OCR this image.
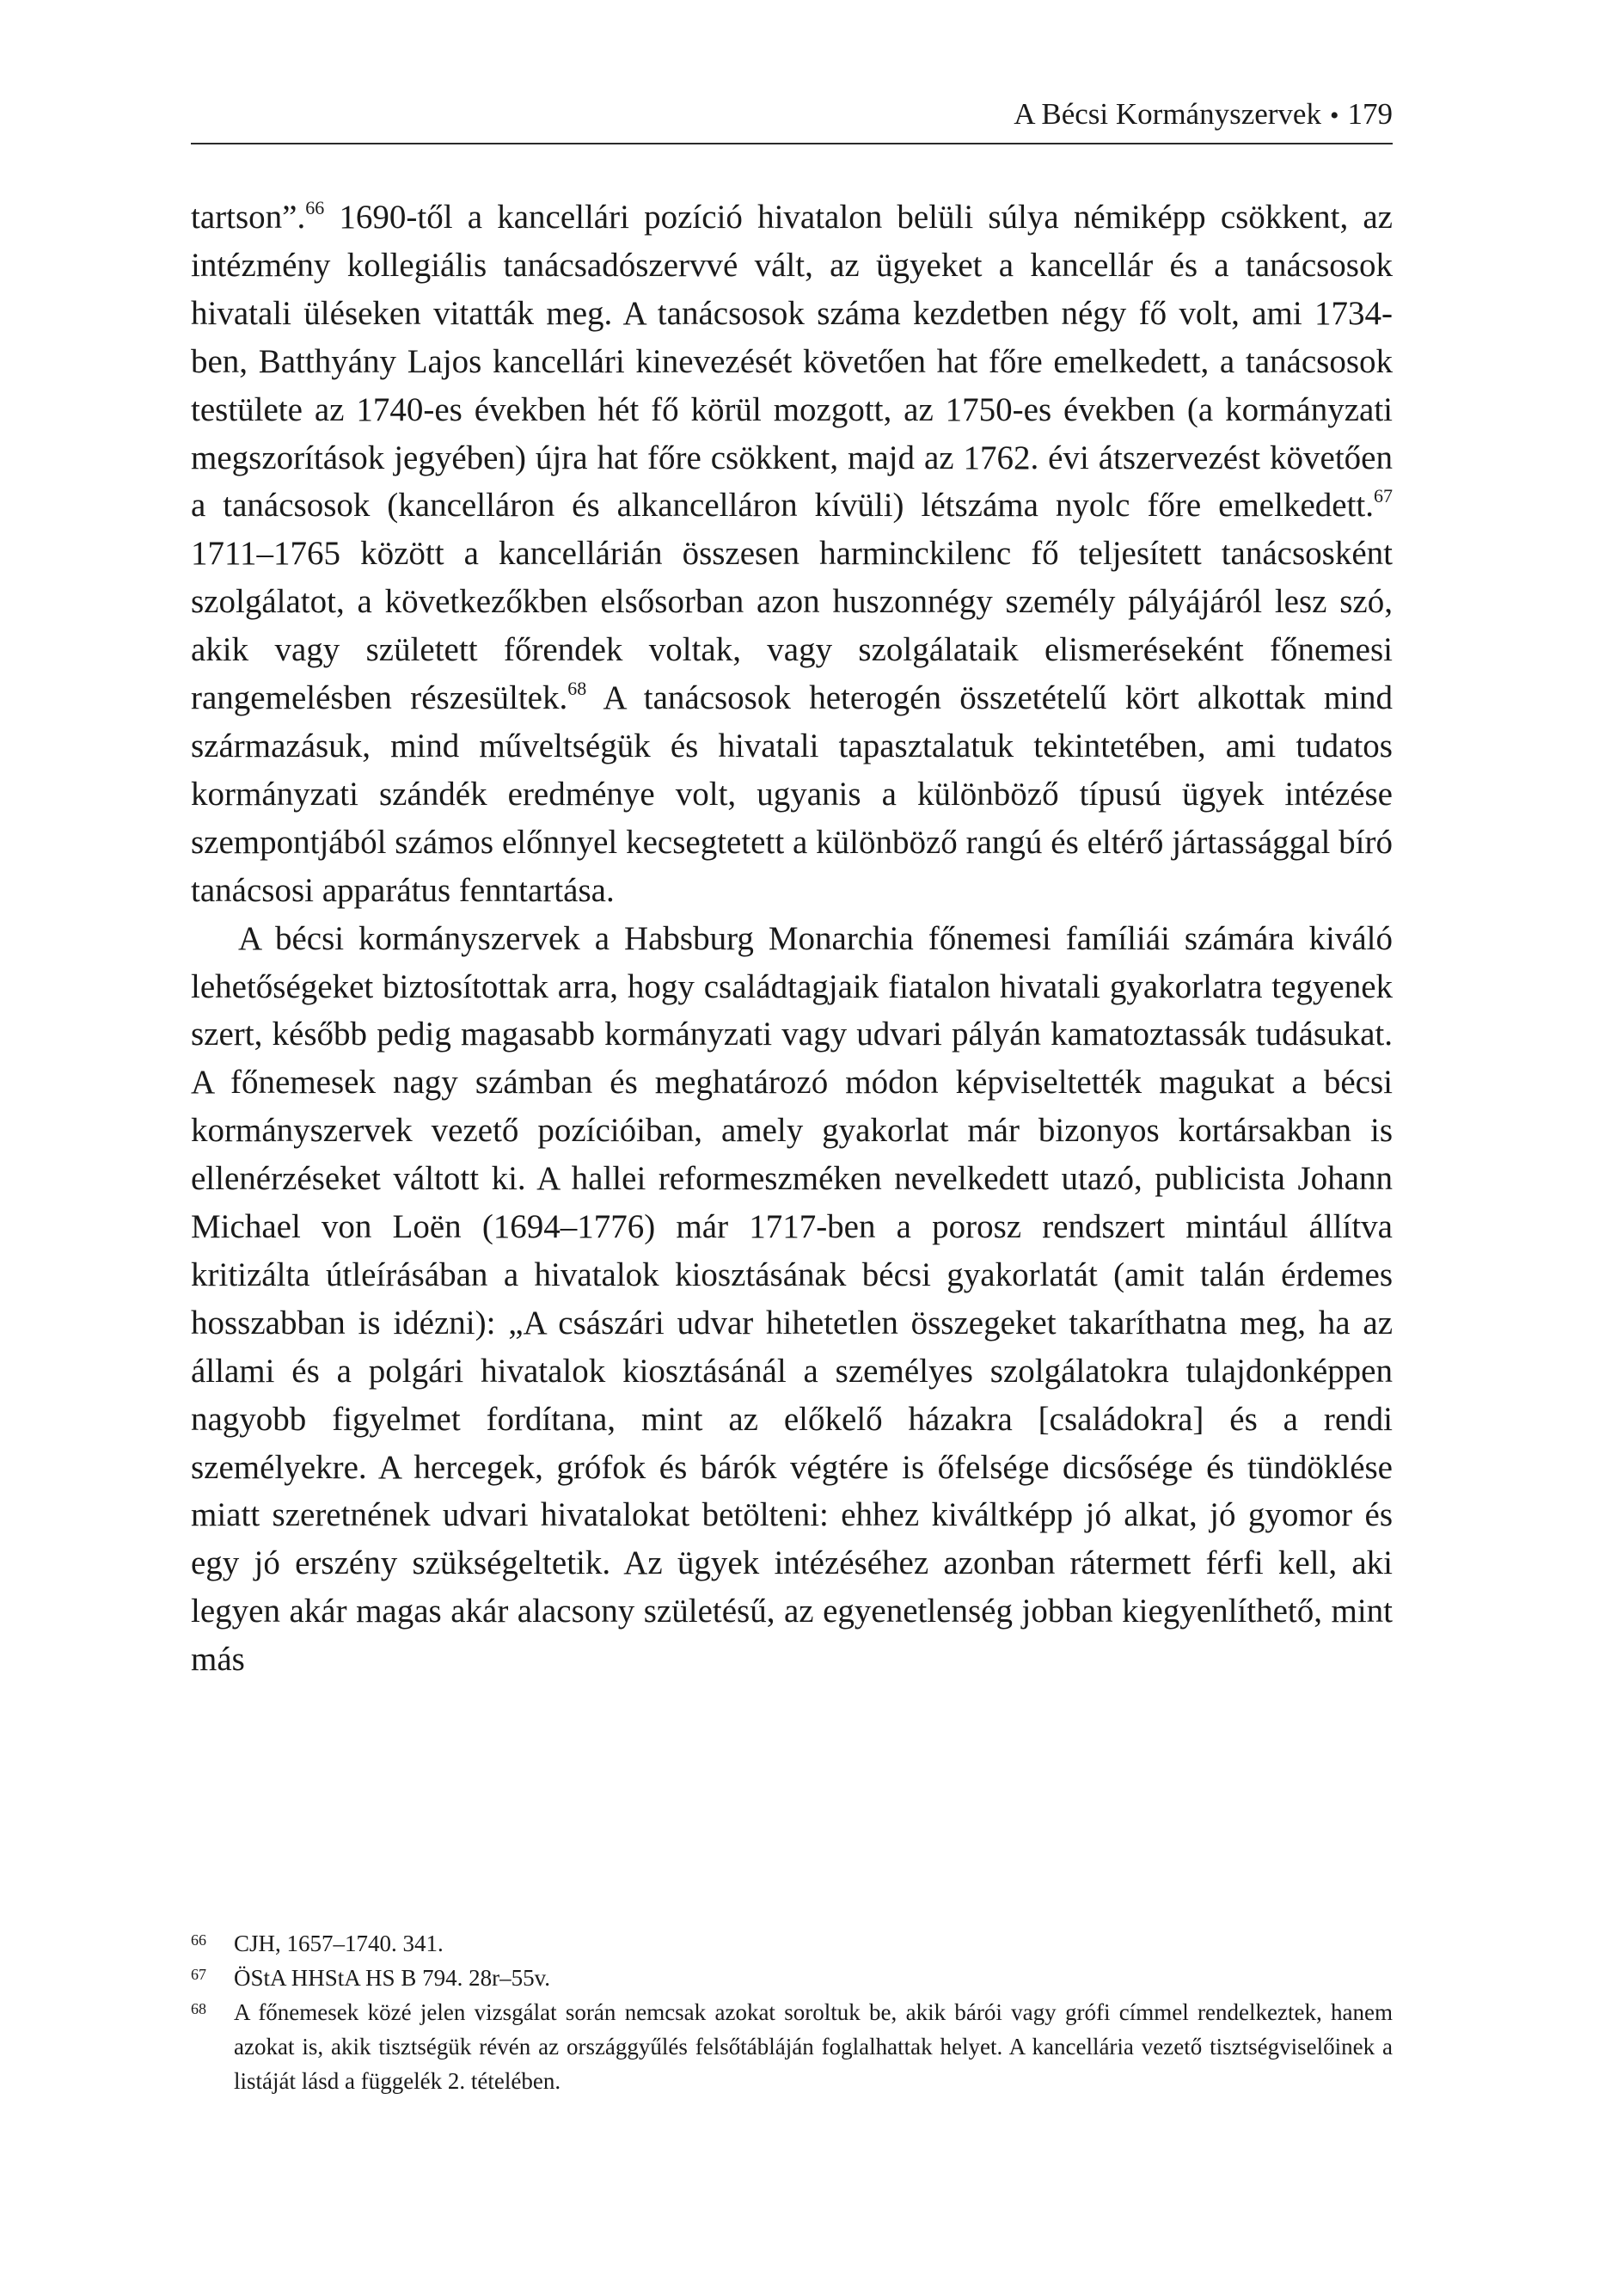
A Bécsi Kormányszervek • 179

tartson”.$^{66}$ 1690-től a kancellári pozíció hivatalon belüli súlya némiképp csökkent, az intézmény kollegiális tanácsadószervvé vált, az ügyeket a kancellár és a tanácsosok hivatali üléseken vitatták meg. A tanácsosok száma kezdetben négy fő volt, ami 1734-ben, Batthyány Lajos kancellári kinevezését követően hat főre emelkedett, a tanácsosok testülete az 1740-es években hét fő körül mozgott, az 1750-es években (a kormányzati megszorítások jegyében) újra hat főre csökkent, majd az 1762. évi átszervezést követően a tanácsosok (kancelláron és alkancelláron kívüli) létszáma nyolc főre emelkedett.$^{67}$ 1711–1765 között a kancellárián összesen harminckilenc fő teljesített tanácsosként szolgálatot, a következőkben elsősorban azon huszonnégy személy pályájáról lesz szó, akik vagy született főrendek voltak, vagy szolgálataik elismeréseként főnemesi rangemelésben részesültek.$^{68}$ A tanácsosok heterogén összetételű kört alkottak mind származásuk, mind műveltségük és hivatali tapasztalatuk tekintetében, ami tudatos kormányzati szándék eredménye volt, ugyanis a különböző típusú ügyek intézése szempontjából számos előnnyel kecsegtetett a különböző rangú és eltérő jártassággal bíró tanácsosi apparátus fenntartása.

A bécsi kormányszervek a Habsburg Monarchia főnemesi famíliái számára kiváló lehetőségeket biztosítottak arra, hogy családtagjaik fiatalon hivatali gyakorlatra tegyenek szert, később pedig magasabb kormányzati vagy udvari pályán kamatoztassák tudásukat. A főnemesek nagy számban és meghatározó módon képviseltették magukat a bécsi kormányszervek vezető pozícióiban, amely gyakorlat már bizonyos kortársakban is ellenérzéseket váltott ki. A hallei reformeszméken nevelkedett utazó, publicista Johann Michael von Loën (1694–1776) már 1717-ben a porosz rendszert mintául állítva kritizálta útleírásában a hivatalok kiosztásának bécsi gyakorlatát (amit talán érdemes hosszabban is idézni): „A császári udvar hihetetlen összegeket takaríthatna meg, ha az állami és a polgári hivatalok kiosztásánál a személyes szolgálatokra tulajdonképpen nagyobb figyelmet fordítana, mint az előkelő házakra [családokra] és a rendi személyekre. A hercegek, grófok és bárók végtére is őfelsége dicsősége és tündöklése miatt szeretnének udvari hivatalokat betölteni: ehhez kiváltképp jó alkat, jó gyomor és egy jó erszény szükségeltetik. Az ügyek intézéséhez azonban rátermett férfi kell, aki legyen akár magas akár alacsony születésű, az egyenetlenség jobban kiegyenlíthető, mint más

66 CJH, 1657–1740. 341.
67 ÖStA HHStA HS B 794. 28r–55v.
68 A főnemesek közé jelen vizsgálat során nemcsak azokat soroltuk be, akik bárói vagy grófi címmel rendelkeztek, hanem azokat is, akik tisztségük révén az országgyűlés felsőtábláján foglalhattak helyet. A kancellária vezető tisztségviselőinek a listáját lásd a függelék 2. tételében.
